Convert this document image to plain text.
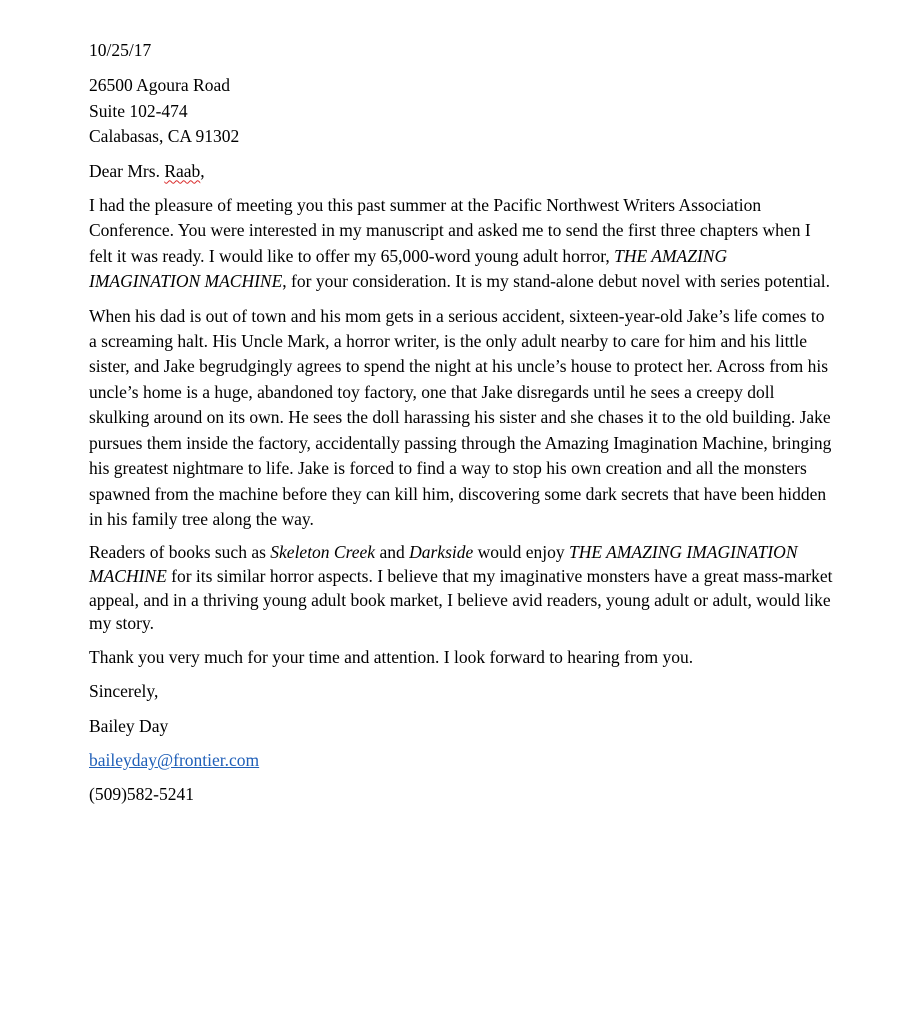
10/25/17

26500 Agoura Road
Suite 102-474
Calabasas, CA 91302

Dear Mrs. Raab,

I had the pleasure of meeting you this past summer at the Pacific Northwest Writers Association Conference. You were interested in my manuscript and asked me to send the first three chapters when I felt it was ready. I would like to offer my 65,000-word young adult horror, THE AMAZING IMAGINATION MACHINE, for your consideration. It is my stand-alone debut novel with series potential.

When his dad is out of town and his mom gets in a serious accident, sixteen-year-old Jake’s life comes to a screaming halt. His Uncle Mark, a horror writer, is the only adult nearby to care for him and his little sister, and Jake begrudgingly agrees to spend the night at his uncle’s house to protect her. Across from his uncle’s home is a huge, abandoned toy factory, one that Jake disregards until he sees a creepy doll skulking around on its own. He sees the doll harassing his sister and she chases it to the old building. Jake pursues them inside the factory, accidentally passing through the Amazing Imagination Machine, bringing his greatest nightmare to life. Jake is forced to find a way to stop his own creation and all the monsters spawned from the machine before they can kill him, discovering some dark secrets that have been hidden in his family tree along the way.

Readers of books such as Skeleton Creek and Darkside would enjoy THE AMAZING IMAGINATION MACHINE for its similar horror aspects. I believe that my imaginative monsters have a great mass-market appeal, and in a thriving young adult book market, I believe avid readers, young adult or adult, would like my story.

Thank you very much for your time and attention. I look forward to hearing from you.

Sincerely,

Bailey Day

baileyday@frontier.com

(509)582-5241
